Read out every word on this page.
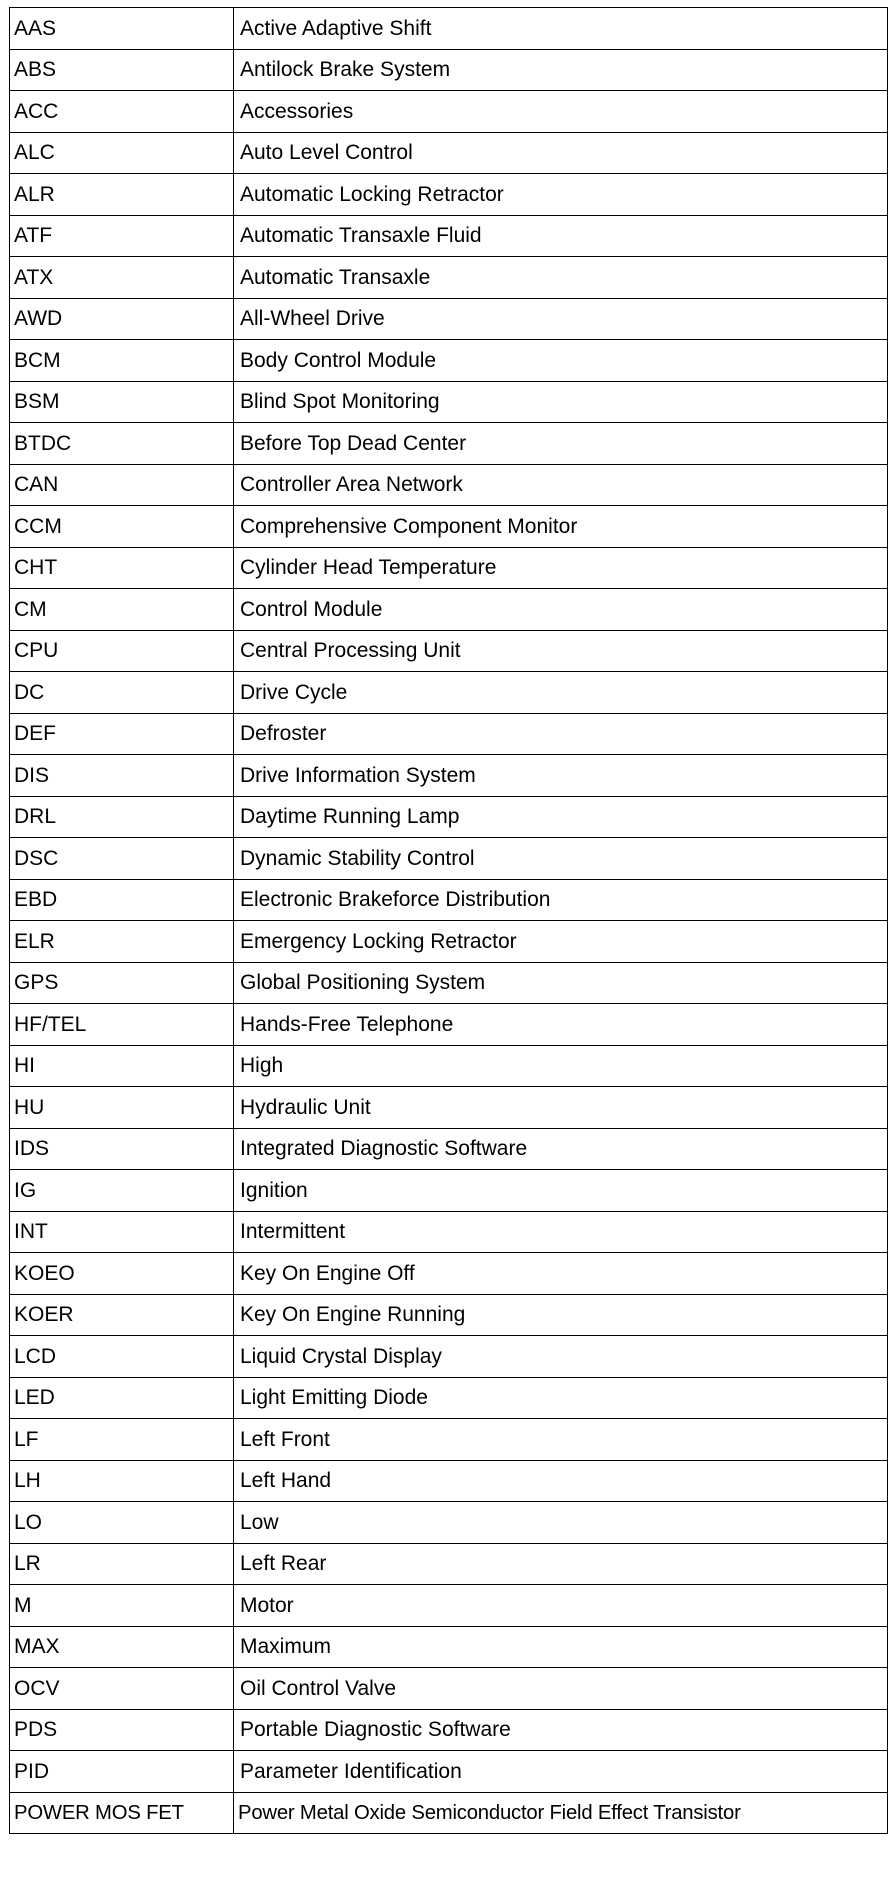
AAS	Active Adaptive Shift
ABS	Antilock Brake System
ACC	Accessories
ALC	Auto Level Control
ALR	Automatic Locking Retractor
ATF	Automatic Transaxle Fluid
ATX	Automatic Transaxle
AWD	All-Wheel Drive
BCM	Body Control Module
BSM	Blind Spot Monitoring
BTDC	Before Top Dead Center
CAN	Controller Area Network
CCM	Comprehensive Component Monitor
CHT	Cylinder Head Temperature
CM	Control Module
CPU	Central Processing Unit
DC	Drive Cycle
DEF	Defroster
DIS	Drive Information System
DRL	Daytime Running Lamp
DSC	Dynamic Stability Control
EBD	Electronic Brakeforce Distribution
ELR	Emergency Locking Retractor
GPS	Global Positioning System
HF/TEL	Hands-Free Telephone
HI	High
HU	Hydraulic Unit
IDS	Integrated Diagnostic Software
IG	Ignition
INT	Intermittent
KOEO	Key On Engine Off
KOER	Key On Engine Running
LCD	Liquid Crystal Display
LED	Light Emitting Diode
LF	Left Front
LH	Left Hand
LO	Low
LR	Left Rear
M	Motor
MAX	Maximum
OCV	Oil Control Valve
PDS	Portable Diagnostic Software
PID	Parameter Identification
POWER MOS FET	Power Metal Oxide Semiconductor Field Effect Transistor
